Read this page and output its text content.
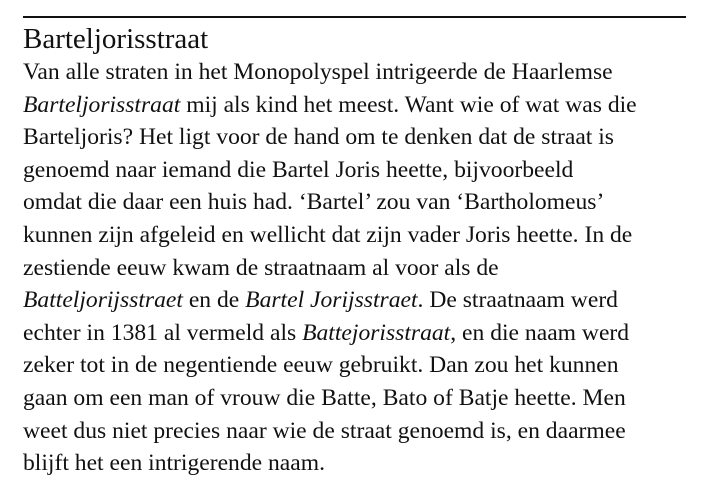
Barteljorisstraat
Van alle straten in het Monopolyspel intrigeerde de Haarlemse
Barteljorisstraat mij als kind het meest. Want wie of wat was die
Barteljoris? Het ligt voor de hand om te denken dat de straat is
genoemd naar iemand die Bartel Joris heette, bijvoorbeeld
omdat die daar een huis had. ‘Bartel’ zou van ‘Bartholomeus’
kunnen zijn afgeleid en wellicht dat zijn vader Joris heette. In de
zestiende eeuw kwam de straatnaam al voor als de
Batteljorijsstraet en de Bartel Jorijsstraet. De straatnaam werd
echter in 1381 al vermeld als Battejorisstraat, en die naam werd
zeker tot in de negentiende eeuw gebruikt. Dan zou het kunnen
gaan om een man of vrouw die Batte, Bato of Batje heette. Men
weet dus niet precies naar wie de straat genoemd is, en daarmee
blijft het een intrigerende naam.
